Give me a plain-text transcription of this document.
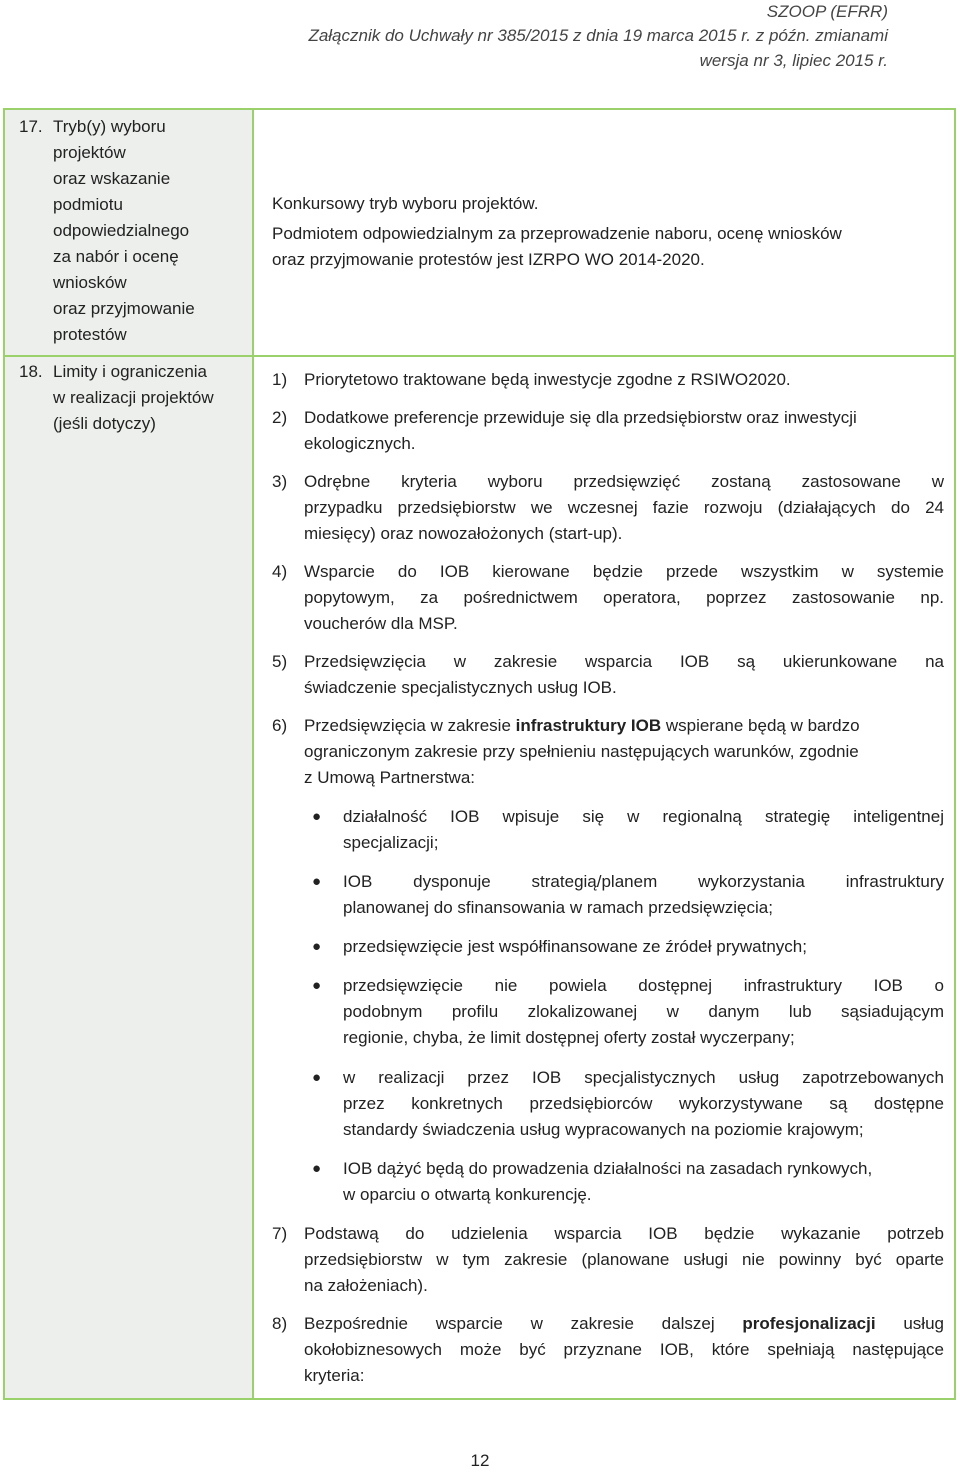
SZOOP (EFRR)
Załącznik do Uchwały nr 385/2015 z dnia 19 marca 2015 r. z późn. zmianami
wersja nr 3, lipiec 2015 r.
17. Tryb(y) wyboru
projektów
oraz wskazanie
podmiotu
odpowiedzialnego
za nabór i ocenę
wniosków
oraz przyjmowanie
protestów
18. Limity i ograniczenia
w realizacji projektów
(jeśli dotyczy)
Konkursowy tryb wyboru projektów.
Podmiotem odpowiedzialnym za przeprowadzenie naboru, ocenę wniosków
oraz przyjmowanie protestów jest IZRPO WO 2014-2020.
1) Priorytetowo traktowane będą inwestycje zgodne z RSIWO2020.
2) Dodatkowe preferencje przewiduje się dla przedsiębiorstw oraz inwestycji
ekologicznych.
3) Odrębne kryteria wyboru przedsięwzięć zostaną zastosowane w
przypadku przedsiębiorstw we wczesnej fazie rozwoju (działających do 24
miesięcy) oraz nowozałożonych (start-up).
4) Wsparcie do IOB kierowane będzie przede wszystkim w systemie
popytowym, za pośrednictwem operatora, poprzez zastosowanie np.
voucherów dla MSP.
5) Przedsięwzięcia w zakresie wsparcia IOB są ukierunkowane na
świadczenie specjalistycznych usług IOB.
6) Przedsięwzięcia w zakresie infrastruktury IOB wspierane będą w bardzo
ograniczonym zakresie przy spełnieniu następujących warunków, zgodnie
z Umową Partnerstwa:
● działalność IOB wpisuje się w regionalną strategię inteligentnej
specjalizacji;
● IOB dysponuje strategią/planem wykorzystania infrastruktury
planowanej do sfinansowania w ramach przedsięwzięcia;
● przedsięwzięcie jest współfinansowane ze źródeł prywatnych;
● przedsięwzięcie nie powiela dostępnej infrastruktury IOB o
podobnym profilu zlokalizowanej w danym lub sąsiadującym
regionie, chyba, że limit dostępnej oferty został wyczerpany;
● w realizacji przez IOB specjalistycznych usług zapotrzebowanych
przez konkretnych przedsiębiorców wykorzystywane są dostępne
standardy świadczenia usług wypracowanych na poziomie krajowym;
● IOB dążyć będą do prowadzenia działalności na zasadach rynkowych,
w oparciu o otwartą konkurencję.
7) Podstawą do udzielenia wsparcia IOB będzie wykazanie potrzeb
przedsiębiorstw w tym zakresie (planowane usługi nie powinny być oparte
na założeniach).
8) Bezpośrednie wsparcie w zakresie dalszej profesjonalizacji usług
okołobiznesowych może być przyznane IOB, które spełniają następujące
kryteria:
12
